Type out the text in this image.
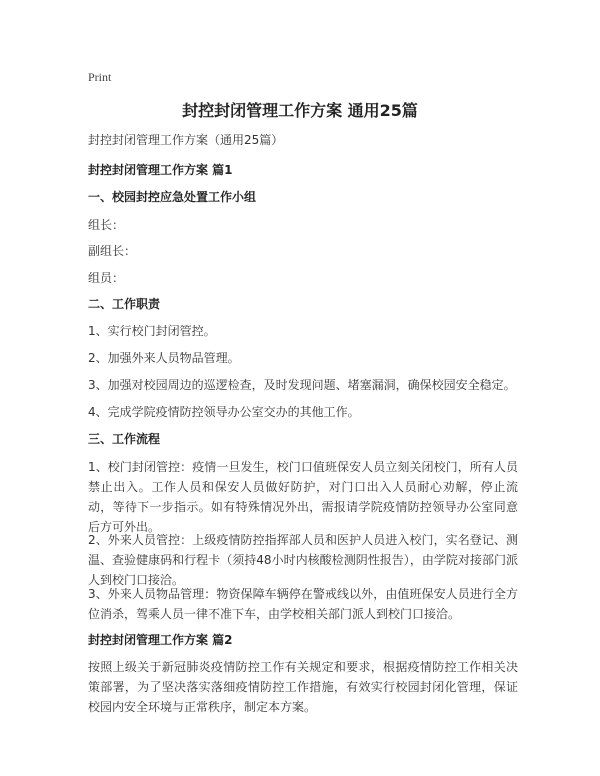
Print
封控封闭管理工作方案 通用25篇
封控封闭管理工作方案（通用25篇）
封控封闭管理工作方案 篇1
一、校园封控应急处置工作小组
组长：
副组长：
组员：
二、工作职责
1、实行校门封闭管控。
2、加强外来人员物品管理。
3、加强对校园周边的巡逻检查，及时发现问题、堵塞漏洞，确保校园安全稳定。
4、完成学院疫情防控领导办公室交办的其他工作。
三、工作流程
1、校门封闭管控：疫情一旦发生，校门口值班保安人员立刻关闭校门，所有人员禁止出入。工作人员和保安人员做好防护，对门口出入人员耐心劝解，停止流动，等待下一步指示。如有特殊情况外出，需报请学院疫情防控领导办公室同意后方可外出。
2、外来人员管控：上级疫情防控指挥部人员和医护人员进入校门，实名登记、测温、查验健康码和行程卡（须持48小时内核酸检测阴性报告），由学院对接部门派人到校门口接洽。
3、外来人员物品管理：物资保障车辆停在警戒线以外，由值班保安人员进行全方位消杀，驾乘人员一律不准下车，由学校相关部门派人到校门口接洽。
封控封闭管理工作方案 篇2
按照上级关于新冠肺炎疫情防控工作有关规定和要求，根据疫情防控工作相关决策部署，为了坚决落实落细疫情防控工作措施，有效实行校园封闭化管理，保证校园内安全环境与正常秩序，制定本方案。
